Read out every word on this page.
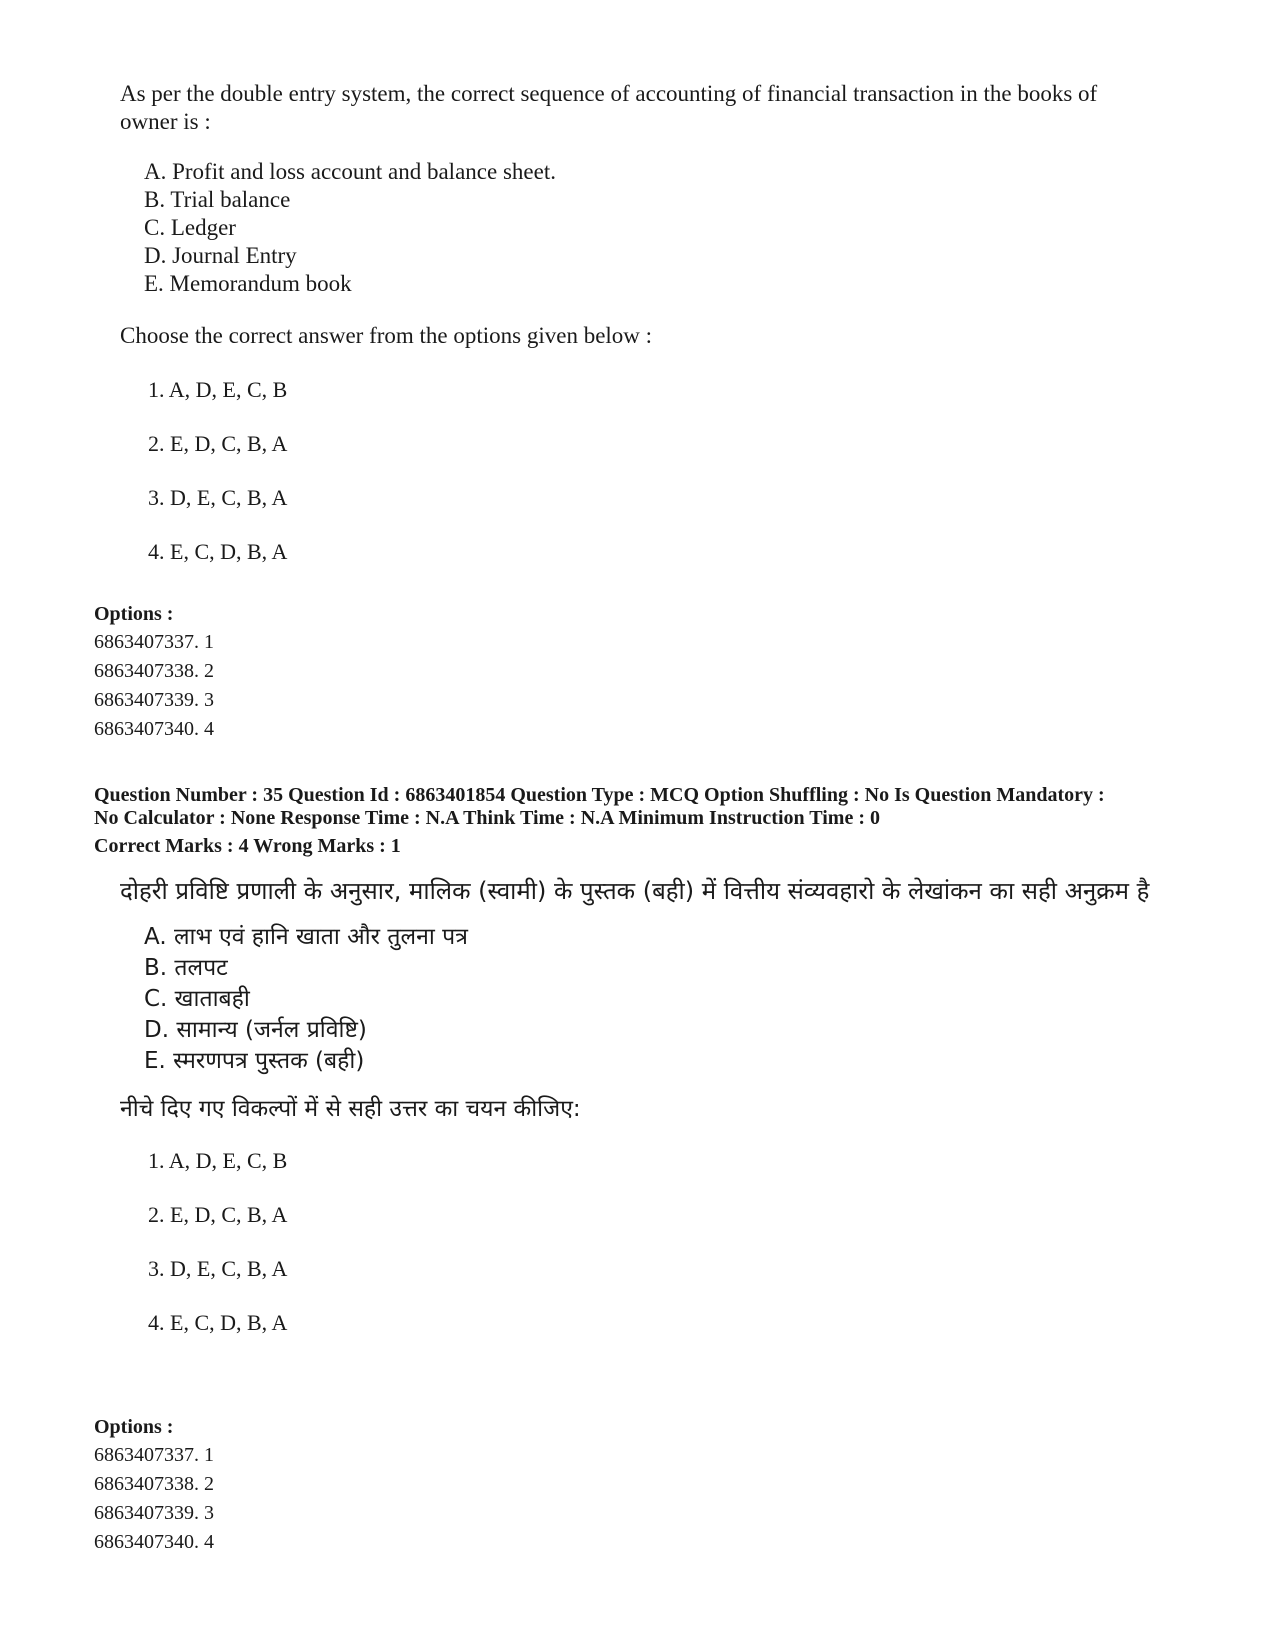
As per the double entry system, the correct sequence of accounting of financial transaction in the books of owner is :

A. Profit and loss account and balance sheet.
B. Trial balance
C. Ledger
D. Journal Entry
E. Memorandum book

Choose the correct answer from the options given below :

1. A, D, E, C, B
2. E, D, C, B, A
3. D, E, C, B, A
4. E, C, D, B, A
Options :
6863407337. 1
6863407338. 2
6863407339. 3
6863407340. 4
Question Number : 35 Question Id : 6863401854 Question Type : MCQ Option Shuffling : No Is Question Mandatory :
No Calculator : None Response Time : N.A Think Time : N.A Minimum Instruction Time : 0
Correct Marks : 4 Wrong Marks : 1

दोहरी प्रविष्टि प्रणाली के अनुसार, मालिक (स्वामी) के पुस्तक (बही) में वित्तीय संव्यवहारो के लेखांकन का सही अनुक्रम है

A. लाभ एवं हानि खाता और तुलना पत्र
B. तलपट
C. खाताबही
D. सामान्य (जर्नल प्रविष्टि)
E. स्मरणपत्र पुस्तक (बही)

नीचे दिए गए विकल्पों में से सही उत्तर का चयन कीजिए:

1. A, D, E, C, B
2. E, D, C, B, A
3. D, E, C, B, A
4. E, C, D, B, A
Options :
6863407337. 1
6863407338. 2
6863407339. 3
6863407340. 4
